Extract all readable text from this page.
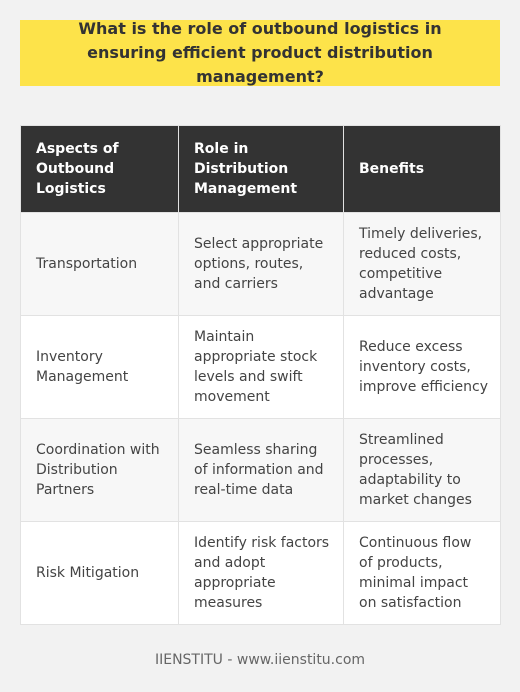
What is the role of outbound logistics in ensuring efficient product distribution management?
Aspects of Outbound Logistics	Role in Distribution Management	Benefits
Transportation	Select appropriate options, routes, and carriers	Timely deliveries, reduced costs, competitive advantage
Inventory Management	Maintain appropriate stock levels and swift movement	Reduce excess inventory costs, improve efficiency
Coordination with Distribution Partners	Seamless sharing of information and real-time data	Streamlined processes, adaptability to market changes
Risk Mitigation	Identify risk factors and adopt appropriate measures	Continuous flow of products, minimal impact on satisfaction
IIENSTITU - www.iienstitu.com
